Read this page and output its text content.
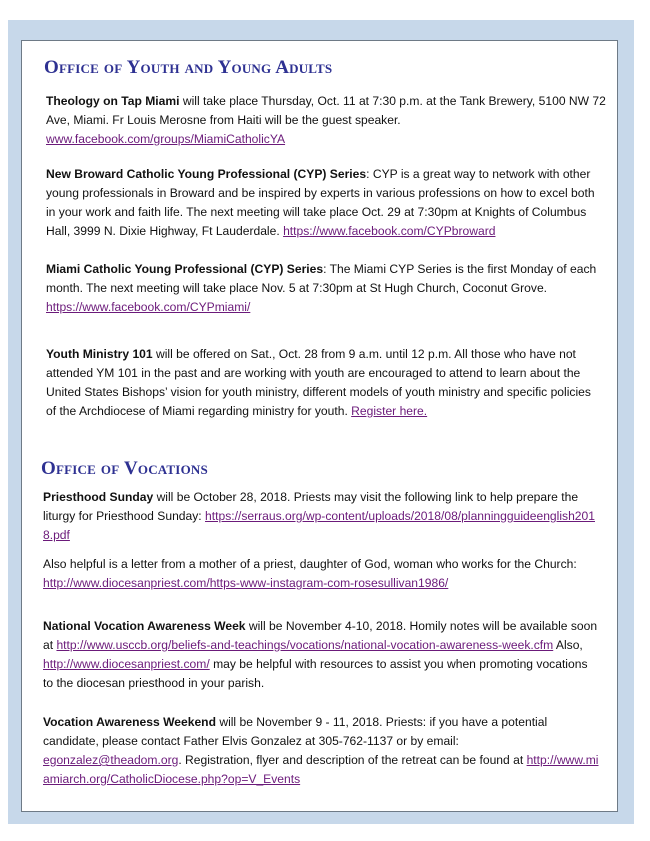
Office of Youth and Young Adults

Theology on Tap Miami will take place Thursday, Oct. 11 at 7:30 p.m. at the Tank Brewery, 5100 NW 72 Ave, Miami. Fr Louis Merosne from Haiti will be the guest speaker. www.facebook.com/groups/MiamiCatholicYA

New Broward Catholic Young Professional (CYP) Series: CYP is a great way to network with other young professionals in Broward and be inspired by experts in various professions on how to excel both in your work and faith life. The next meeting will take place Oct. 29 at 7:30pm at Knights of Columbus Hall, 3999 N. Dixie Highway, Ft Lauderdale. https://www.facebook.com/CYPbroward

Miami Catholic Young Professional (CYP) Series: The Miami CYP Series is the first Monday of each month. The next meeting will take place Nov. 5 at 7:30pm at St Hugh Church, Coconut Grove. https://www.facebook.com/CYPmiami/

Youth Ministry 101 will be offered on Sat., Oct. 28 from 9 a.m. until 12 p.m. All those who have not attended YM 101 in the past and are working with youth are encouraged to attend to learn about the United States Bishops’ vision for youth ministry, different models of youth ministry and specific policies of the Archdiocese of Miami regarding ministry for youth. Register here.

Office of Vocations

Priesthood Sunday will be October 28, 2018. Priests may visit the following link to help prepare the liturgy for Priesthood Sunday: https://serraus.org/wp-content/uploads/2018/08/planningguideenglish2018.pdf

Also helpful is a letter from a mother of a priest, daughter of God, woman who works for the Church: http://www.diocesanpriest.com/https-www-instagram-com-rosesullivan1986/

National Vocation Awareness Week will be November 4-10, 2018. Homily notes will be available soon at http://www.usccb.org/beliefs-and-teachings/vocations/national-vocation-awareness-week.cfm Also, http://www.diocesanpriest.com/ may be helpful with resources to assist you when promoting vocations to the diocesan priesthood in your parish.

Vocation Awareness Weekend will be November 9 - 11, 2018. Priests: if you have a potential candidate, please contact Father Elvis Gonzalez at 305-762-1137 or by email: egonzalez@theadom.org. Registration, flyer and description of the retreat can be found at http://www.miamiarch.org/CatholicDiocese.php?op=V_Events
